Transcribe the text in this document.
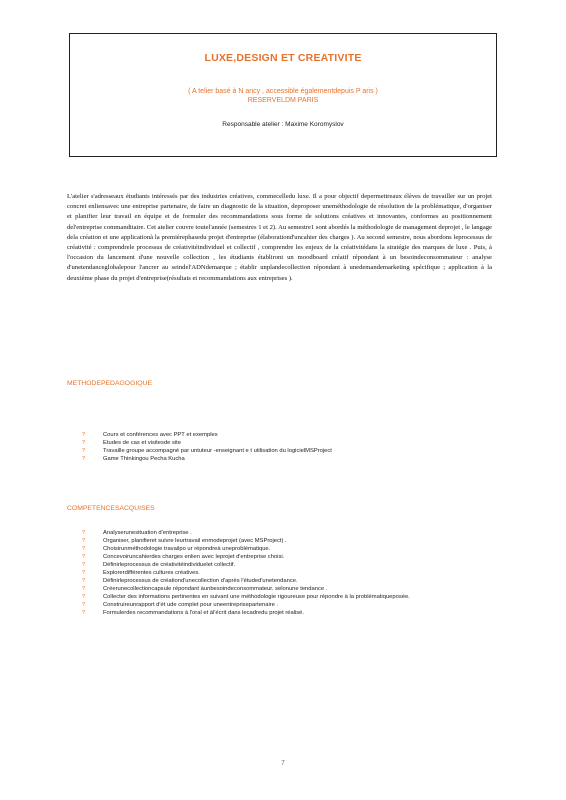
LUXE,DESIGN ET CREATIVITE
( A telier basé à N ancy , accessible égalementdepuis P aris )
RESERVELDM PARIS
Responsable atelier : Maxime Koromyslov
L'atelier s'adresseaux étudiants intéressés par des industries créatives, commecelledu luxe. Il a pour objectif depermettreaux élèves de travailler sur un projet concret enliensavec une entreprise partenaire, de faire un diagnostic de la situation, deproposer uneméthodologie de résolution de la problématique, d'organiser et planifier leur travail en équipe et de formuler des recommandations sous forme de solutions créatives et innovantes, conformes au positionnement del'entreprise commanditaire. Cet atelier couvre toutel'année (semestres 1 et 2). Au semestre1 sont abordés la méthodologie de management deprojet , le langage dela création et une applicationà la premièrephasedu projet d'entreprise (élaborationd'uncahier des charges ). Au second semestre, nous abordons leprocessus de créativité : comprendrele processus de créativitéindividuel et collectif , comprendre les enjeux de la créativitédans la stratégie des marques de luxe . Puis, à l'occasion du lancement d'une nouvelle collection , les étudiants établiront un moodboard créatif répondant à un besoindeconsommateur : analyse d'unetendanceglobalepour l'ancrer au seindel'ADNdemarque ; établir unplandecollection répondant à unedemandemarketing spécifique ; application à la deuxième phase du projet d'entreprise(résultats et recommandations aux entreprises ).
METHODEPEDAGOGIQUE
?	Cours et conférences avec PPT et exemples
?	Etudes de cas et visitesde site
?	Travaille groupe accompagné par untuteur -enseignant e t utilisation du logicielMSProject
?	Game Thinkingou Pecha Kucha
COMPETENCESACQUISES
?	Analyserunesituation d'entreprise .
?	Organiser, planifieret suivre leurtravail enmodeprojet (avec MSProject) .
?	Choisirunméthodologie travailpo ur répondreà uneproblématique.
?	Concevoiruncahierdes charges enlien avec leprojet d'entreprise choisi.
?	Définirleprocessus de créativitéindividuelet collectif.
?	Explorerdifférentes cultures créatives.
?	Définirleprocessus de créationd'unecollection d'après l'étuded'unetendance.
?	Créerunecollectioncapsule répondant àunbesoindeconsommateur. selonune tendance .
?	Collecter des informations pertinentes en suivant une méthodologie rigoureuse pour répondre à la problématiqueposée.
?	Construireunrapport d'ét ude complet pour uneentreprisepartenaire .
?	Formulerdes recommandations à l'oral et àl'écrit dans lecadredu projet réalisé.
7
